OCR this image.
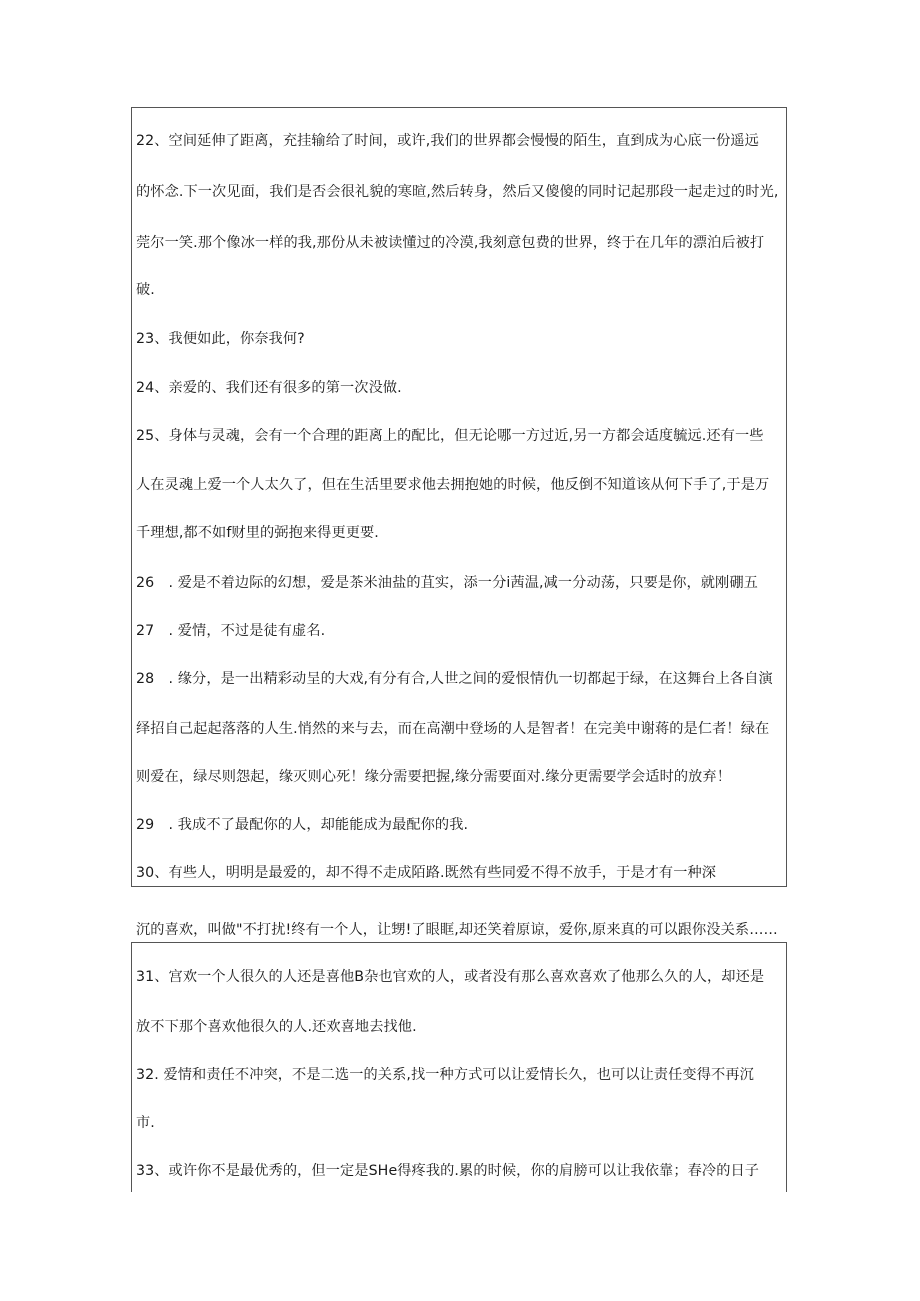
22、空间延伸了距离，充挂输给了时间，或许,我们的世界都会慢慢的陌生，直到成为心底一份遥远
的怀念.下一次见面，我们是否会很礼貌的寒暄,然后转身，然后又傻傻的同时记起那段一起走过的时光,
莞尔一笑.那个像冰一样的我,那份从未被读懂过的冷漠,我刻意包费的世界，终于在几年的漂泊后被打
破.
23、我便如此，你奈我何?
24、亲爱的、我们还有很多的第一次没做.
25、身体与灵魂，会有一个合理的距离上的配比，但无论哪一方过近,另一方都会适度毓远.还有一些
人在灵魂上爱一个人太久了，但在生活里要求他去拥抱她的时候，他反倒不知道该从何下手了,于是万
千理想,都不如f财里的弼抱来得更更要.
26　. 爱是不着边际的幻想，爱是茶米油盐的苴实，添一分i茜温,减一分动荡，只要是你，就刚硼五
27　. 爱情，不过是徒有虚名.
28　. 缘分，是一出精彩动呈的大戏,有分有合,人世之间的爱恨情仇一切都起于绿，在这舞台上各自演
绎招自己起起落落的人生.悄然的来与去，而在高潮中登场的人是智者！在完美中谢蒋的是仁者！绿在
则爱在，绿尽则怨起，缘灭则心死！缘分需要把握,缘分需要面对.缘分更需要学会适时的放弃！
29　. 我成不了最配你的人，却能能成为最配你的我.
30、有些人，明明是最爱的，却不得不走成陌路.既然有些同爱不得不放手，于是才有一种深
沉的喜欢，叫做"不打扰!终有一个人，让甥!了眼眶,却还笑着原谅，爱你,原来真的可以跟你没关系……
31、宫欢一个人很久的人还是喜他B杂也官欢的人，或者没有那么喜欢喜欢了他那么久的人，却还是
放不下那个喜欢他很久的人.还欢喜地去找他.
32. 爱情和责任不冲突，不是二选一的关系,找一种方式可以让爱情长久，也可以让责任变得不再沉
市.
33、或许你不是最优秀的，但一定是SHe得疼我的.累的时候，你的肩膀可以让我依靠；春冷的日子
